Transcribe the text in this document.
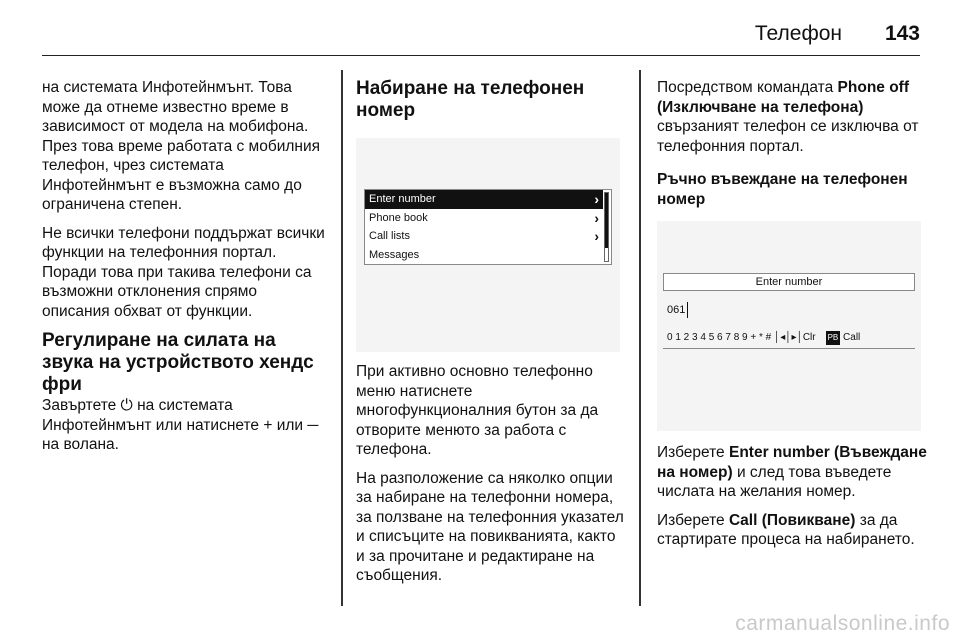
Телефон 143

на системата Инфотейнмънт. Това може да отнеме известно време в зависимост от модела на мобифона. През това време работата с мобилния телефон, чрез системата Инфотейнмънт е възможна само до ограничена степен.

Не всички телефони поддържат всички функции на телефонния портал. Поради това при такива телефони са възможни отклонения спрямо описания обхват от функции.

Регулиране на силата на звука на устройството хендс фри

Завъртете ⏻ на системата Инфотейнмънт или натиснете + или ─ на волана.

Набиране на телефонен номер
Enter number	›
Phone book	›
Call lists	›
Messages

При активно основно телефонно меню натиснете многофункционалния бутон за да отворите менюто за работа с телефона.

На разположение са няколко опции за набиране на телефонни номера, за ползване на телефонния указател и списъците на повикванията, както и за прочитане и редактиране на съобщения.

Посредством командата Phone off (Изключване на телефона) свързаният телефон се изключва от телефонния портал.

Ръчно въвеждане на телефонен номер
Enter number
061
0 1 2 3 4 5 6 7 8 9 + * # │◂│▸│Clr PB Call

Изберете Enter number (Въвеждане на номер) и след това въведете числата на желания номер.

Изберете Call (Повикване) за да стартирате процеса на набирането.

carmanualsonline.info
